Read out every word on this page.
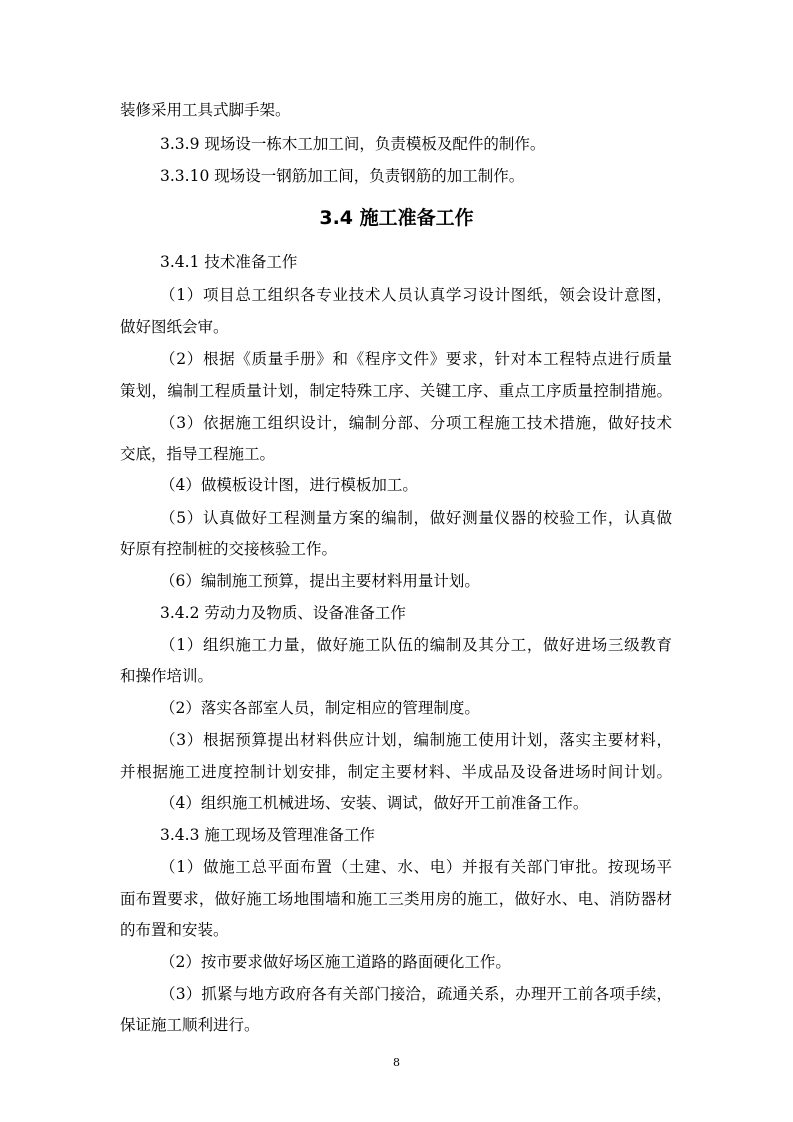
装修采用工具式脚手架。
3.3.9 现场设一栋木工加工间，负责模板及配件的制作。
3.3.10 现场设一钢筋加工间，负责钢筋的加工制作。
3.4 施工准备工作
3.4.1 技术准备工作
（1）项目总工组织各专业技术人员认真学习设计图纸，领会设计意图，
做好图纸会审。
（2）根据《质量手册》和《程序文件》要求，针对本工程特点进行质量
策划，编制工程质量计划，制定特殊工序、关键工序、重点工序质量控制措施。
（3）依据施工组织设计，编制分部、分项工程施工技术措施，做好技术
交底，指导工程施工。
（4）做模板设计图，进行模板加工。
（5）认真做好工程测量方案的编制，做好测量仪器的校验工作，认真做
好原有控制桩的交接核验工作。
（6）编制施工预算，提出主要材料用量计划。
3.4.2 劳动力及物质、设备准备工作
（1）组织施工力量，做好施工队伍的编制及其分工，做好进场三级教育
和操作培训。
（2）落实各部室人员，制定相应的管理制度。
（3）根据预算提出材料供应计划，编制施工使用计划，落实主要材料，
并根据施工进度控制计划安排，制定主要材料、半成品及设备进场时间计划。
（4）组织施工机械进场、安装、调试，做好开工前准备工作。
3.4.3 施工现场及管理准备工作
（1）做施工总平面布置（土建、水、电）并报有关部门审批。按现场平
面布置要求，做好施工场地围墙和施工三类用房的施工，做好水、电、消防器材
的布置和安装。
（2）按市要求做好场区施工道路的路面硬化工作。
（3）抓紧与地方政府各有关部门接洽，疏通关系，办理开工前各项手续，
保证施工顺利进行。
8
